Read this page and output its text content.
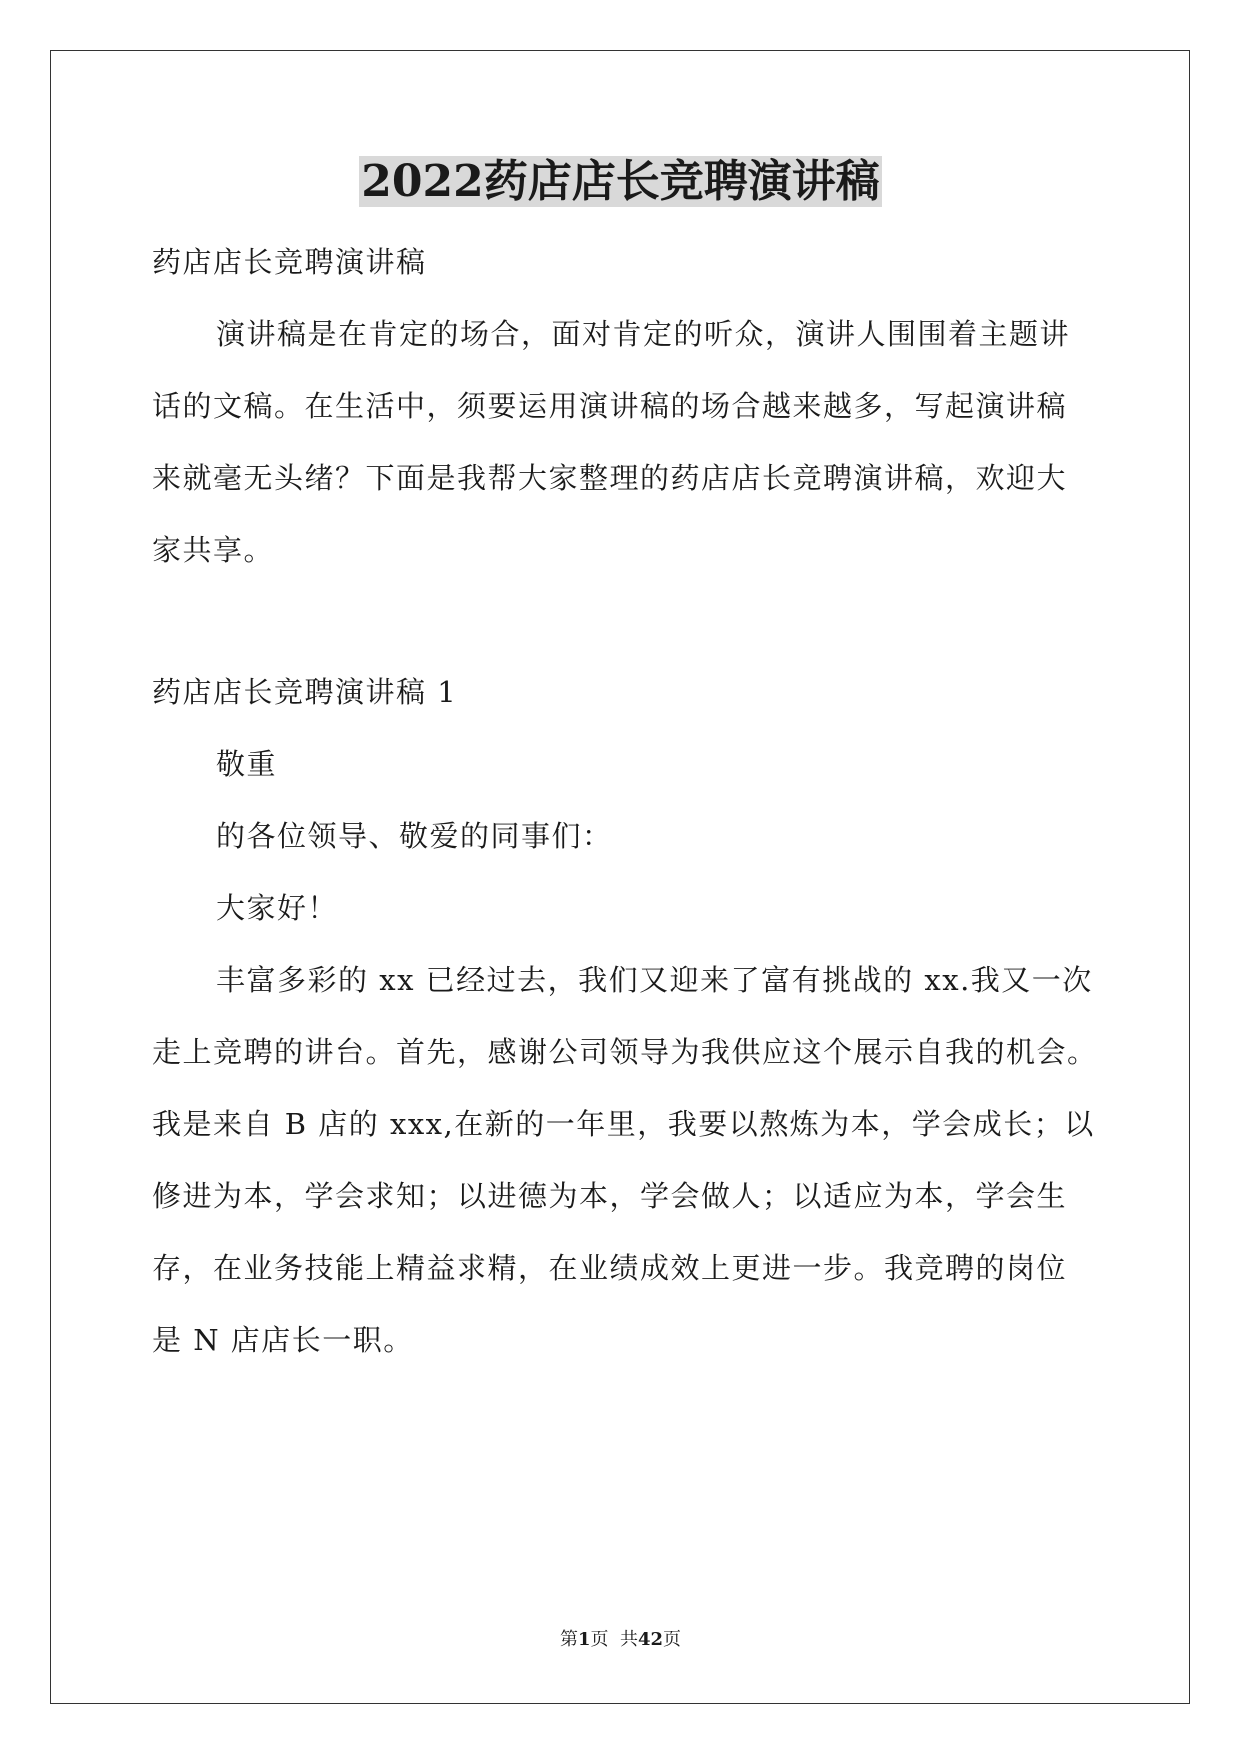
2022药店店长竞聘演讲稿
药店店长竞聘演讲稿
演讲稿是在肯定的场合，面对肯定的听众，演讲人围围着主题讲
话的文稿。在生活中，须要运用演讲稿的场合越来越多，写起演讲稿
来就毫无头绪？下面是我帮大家整理的药店店长竞聘演讲稿，欢迎大
家共享。
药店店长竞聘演讲稿 1
敬重
的各位领导、敬爱的同事们：
大家好！
丰富多彩的 xx 已经过去，我们又迎来了富有挑战的 xx.我又一次
走上竞聘的讲台。首先，感谢公司领导为我供应这个展示自我的机会。
我是来自 B 店的 xxx,在新的一年里，我要以熬炼为本，学会成长；以
修进为本，学会求知；以进德为本，学会做人；以适应为本，学会生
存，在业务技能上精益求精，在业绩成效上更进一步。我竞聘的岗位
是 N 店店长一职。
第1页  共42页
